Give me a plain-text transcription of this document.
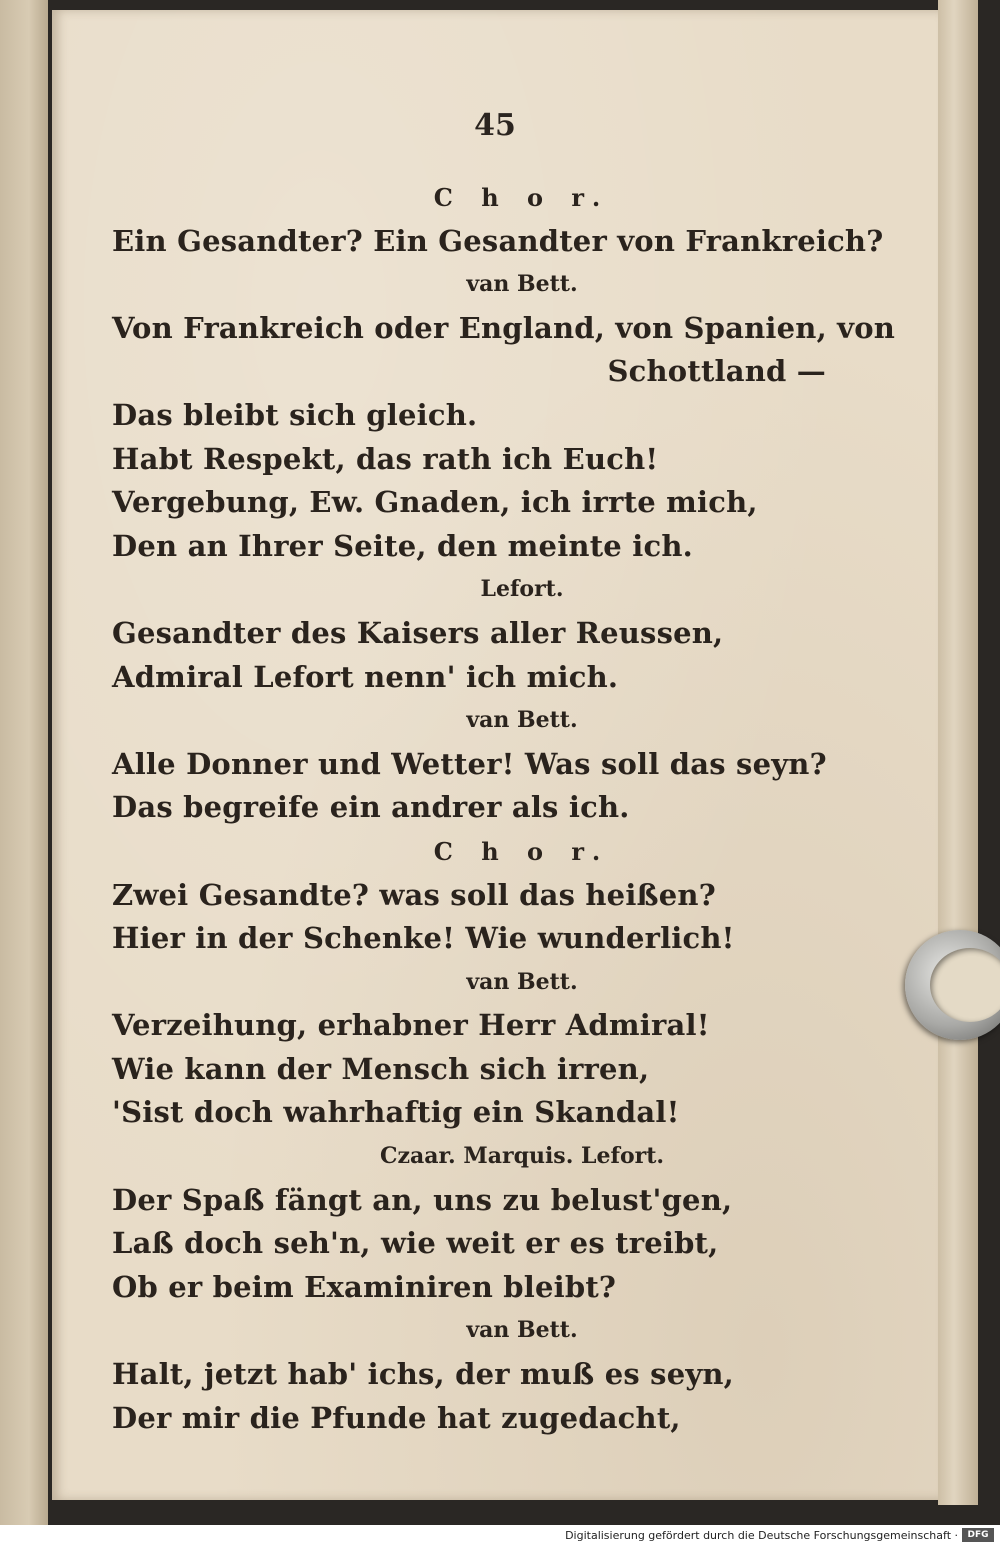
45
C h o r.
Ein Gesandter? Ein Gesandter von Frankreich?
van Bett.
Von Frankreich oder England, von Spanien, von
Schottland —
Das bleibt sich gleich.
Habt Respekt, das rath ich Euch!
Vergebung, Ew. Gnaden, ich irrte mich,
Den an Ihrer Seite, den meinte ich.
Lefort.
Gesandter des Kaisers aller Reussen,
Admiral Lefort nenn' ich mich.
van Bett.
Alle Donner und Wetter! Was soll das seyn?
Das begreife ein andrer als ich.
C h o r.
Zwei Gesandte? was soll das heißen?
Hier in der Schenke! Wie wunderlich!
van Bett.
Verzeihung, erhabner Herr Admiral!
Wie kann der Mensch sich irren,
'Sist doch wahrhaftig ein Skandal!
Czaar. Marquis. Lefort.
Der Spaß fängt an, uns zu belust'gen,
Laß doch seh'n, wie weit er es treibt,
Ob er beim Examiniren bleibt?
van Bett.
Halt, jetzt hab' ichs, der muß es seyn,
Der mir die Pfunde hat zugedacht,
Digitalisierung gefördert durch die Deutsche Forschungsgemeinschaft ·	DFG
